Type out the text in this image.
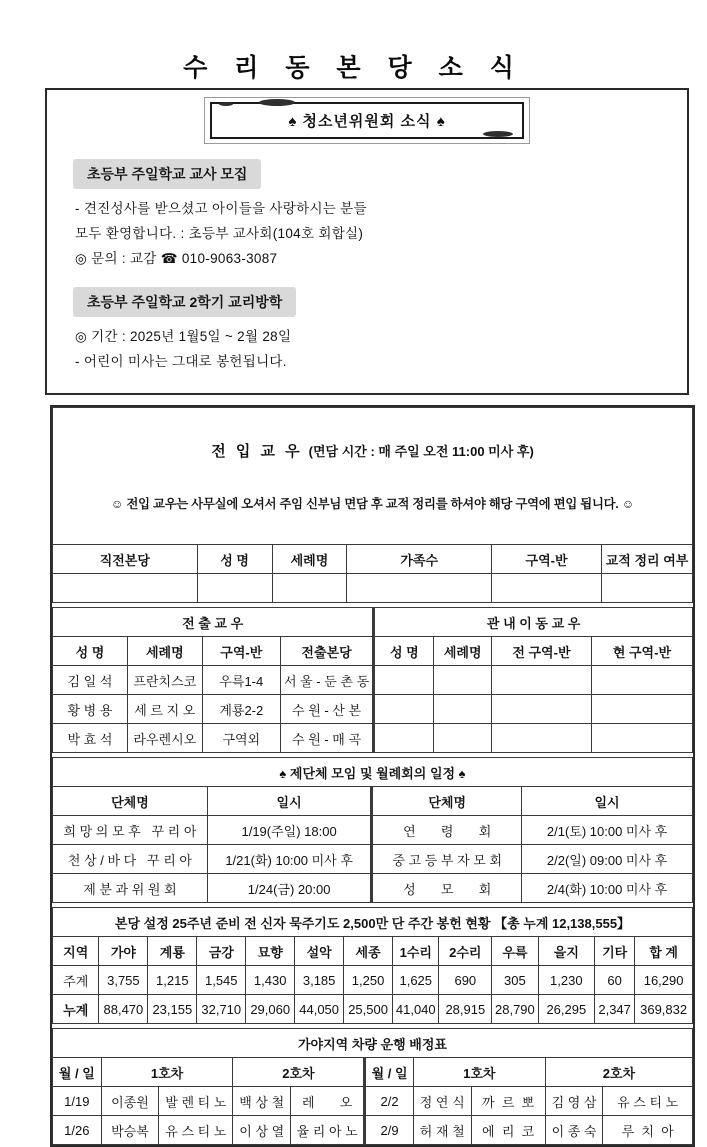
수 리 동 본 당 소 식
♠ 청소년위원회 소식 ♠
초등부 주일학교 교사 모집

- 견진성사를 받으셨고 아이들을 사랑하시는 분들

모두 환영합니다. : 초등부 교사회(104호 회합실)

◎ 문의 : 교감 ☎ 010-9063-3087

초등부 주일학교 2학기 교리방학

◎ 기간 : 2025년 1월5일 ~ 2월 28일

- 어린이 미사는 그대로 봉헌됩니다.

전 입 교 우 (면담 시간 : 매 주일 오전 11:00 미사 후)

☺ 전입 교우는 사무실에 오셔서 주임 신부님 면담 후 교적 정리를 하셔야 해당 구역에 편입 됩니다. ☺					

직전본당	성 명	세례명	가족수	구역-반	교적 정리 여부

전 출 교 우				관 내 이 동 교 우			
성 명	세례명	구역-반	전출본당	성 명	세례명	전 구역-반	현 구역-반
김 일 석	프란치스코	우륵1-4	서 울 - 둔 촌 동				
황 병 용	세 르 지 오	계룡2-2	수 원 - 산 본				
박 효 석	라우렌시오	구역외	수 원 - 매 곡				
♠ 제단체 모임 및 월례회의 일정 ♠			
단체명	일시	단체명	일시
희 망 의 모 후   꾸 리 아	1/19(주일) 18:00	연       령       회	2/1(토) 10:00 미사 후
천 상 / 바 다   꾸 리 아	1/21(화) 10:00 미사 후	중 고 등 부 자 모 회	2/2(일) 09:00 미사 후
제 분 과 위 원 회	1/24(금) 20:00	성       모       회	2/4(화) 10:00 미사 후
본당 설정 25주년 준비 전 신자 묵주기도 2,500만 단 주간 봉헌 현황 【총 누계 12,138,555】												
지역	가야	계룡	금강	묘향	설악	세종	1수리	2수리	우륵	을지	기타	합 계
주계	3,755	1,215	1,545	1,430	3,185	1,250	1,625	690	305	1,230	60	16,290
누계	88,470	23,155	32,710	29,060	44,050	25,500	41,040	28,915	28,790	26,295	2,347	369,832
가야지역 차량 운행 배정표									
월 / 일	1호차		2호차		월 / 일	1호차		2호차	
1/19	이종원	발 렌 티 노	백 상 철	레       오	2/2	정 연 식	까  르  뽀	김 영 삼	유 스 티 노
1/26	박승복	유 스 티 노	이 상 열	율 리 아 노	2/9	허 재 철	에  리  코	이 종 숙	루  치  아
